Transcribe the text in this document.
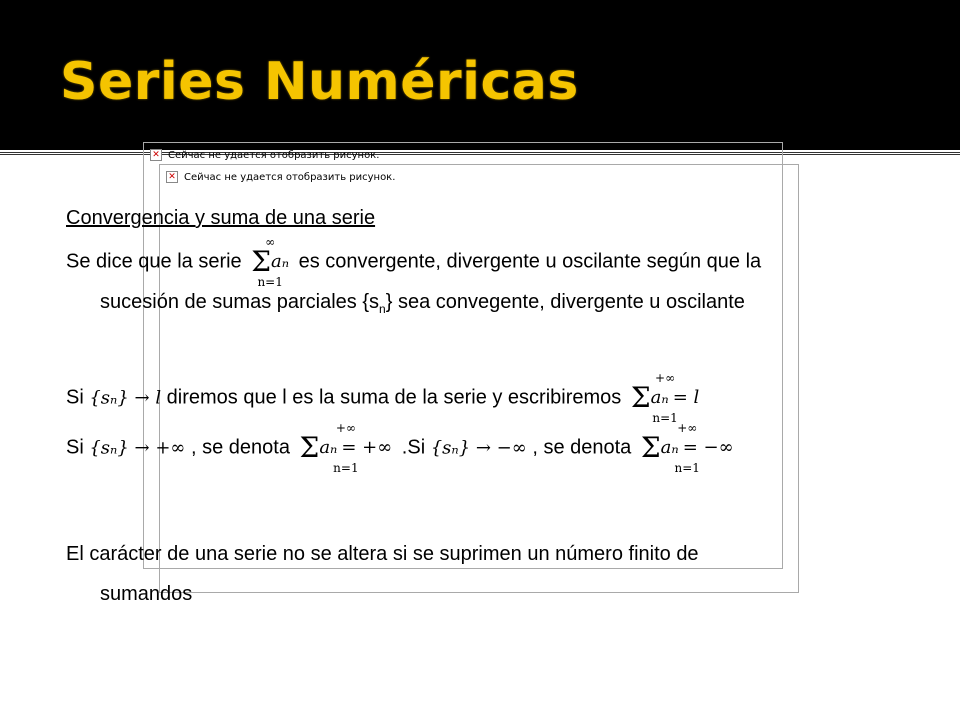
Series Numéricas
✕ Сейчас не удается отобразить рисунок.
✕ Сейчас не удается отобразить рисунок.
Convergencia y suma de una serie
Se dice que la serie
∞
Σ aₙ
n=1
es convergente, divergente u oscilante según que la
sucesión de sumas parciales $\{s_n\}$ sea convegente, divergente u oscilante
Si {sₙ} → l diremos que l es la suma de la serie y escribiremos
+∞
Σ aₙ = l
n=1
Si {sₙ} → +∞ , se denota
+∞
Σ aₙ = +∞
n=1
.Si {sₙ} → −∞ , se denota
+∞
Σ aₙ = −∞
n=1
El carácter de una serie no se altera si se suprimen un número finito de
sumandos
